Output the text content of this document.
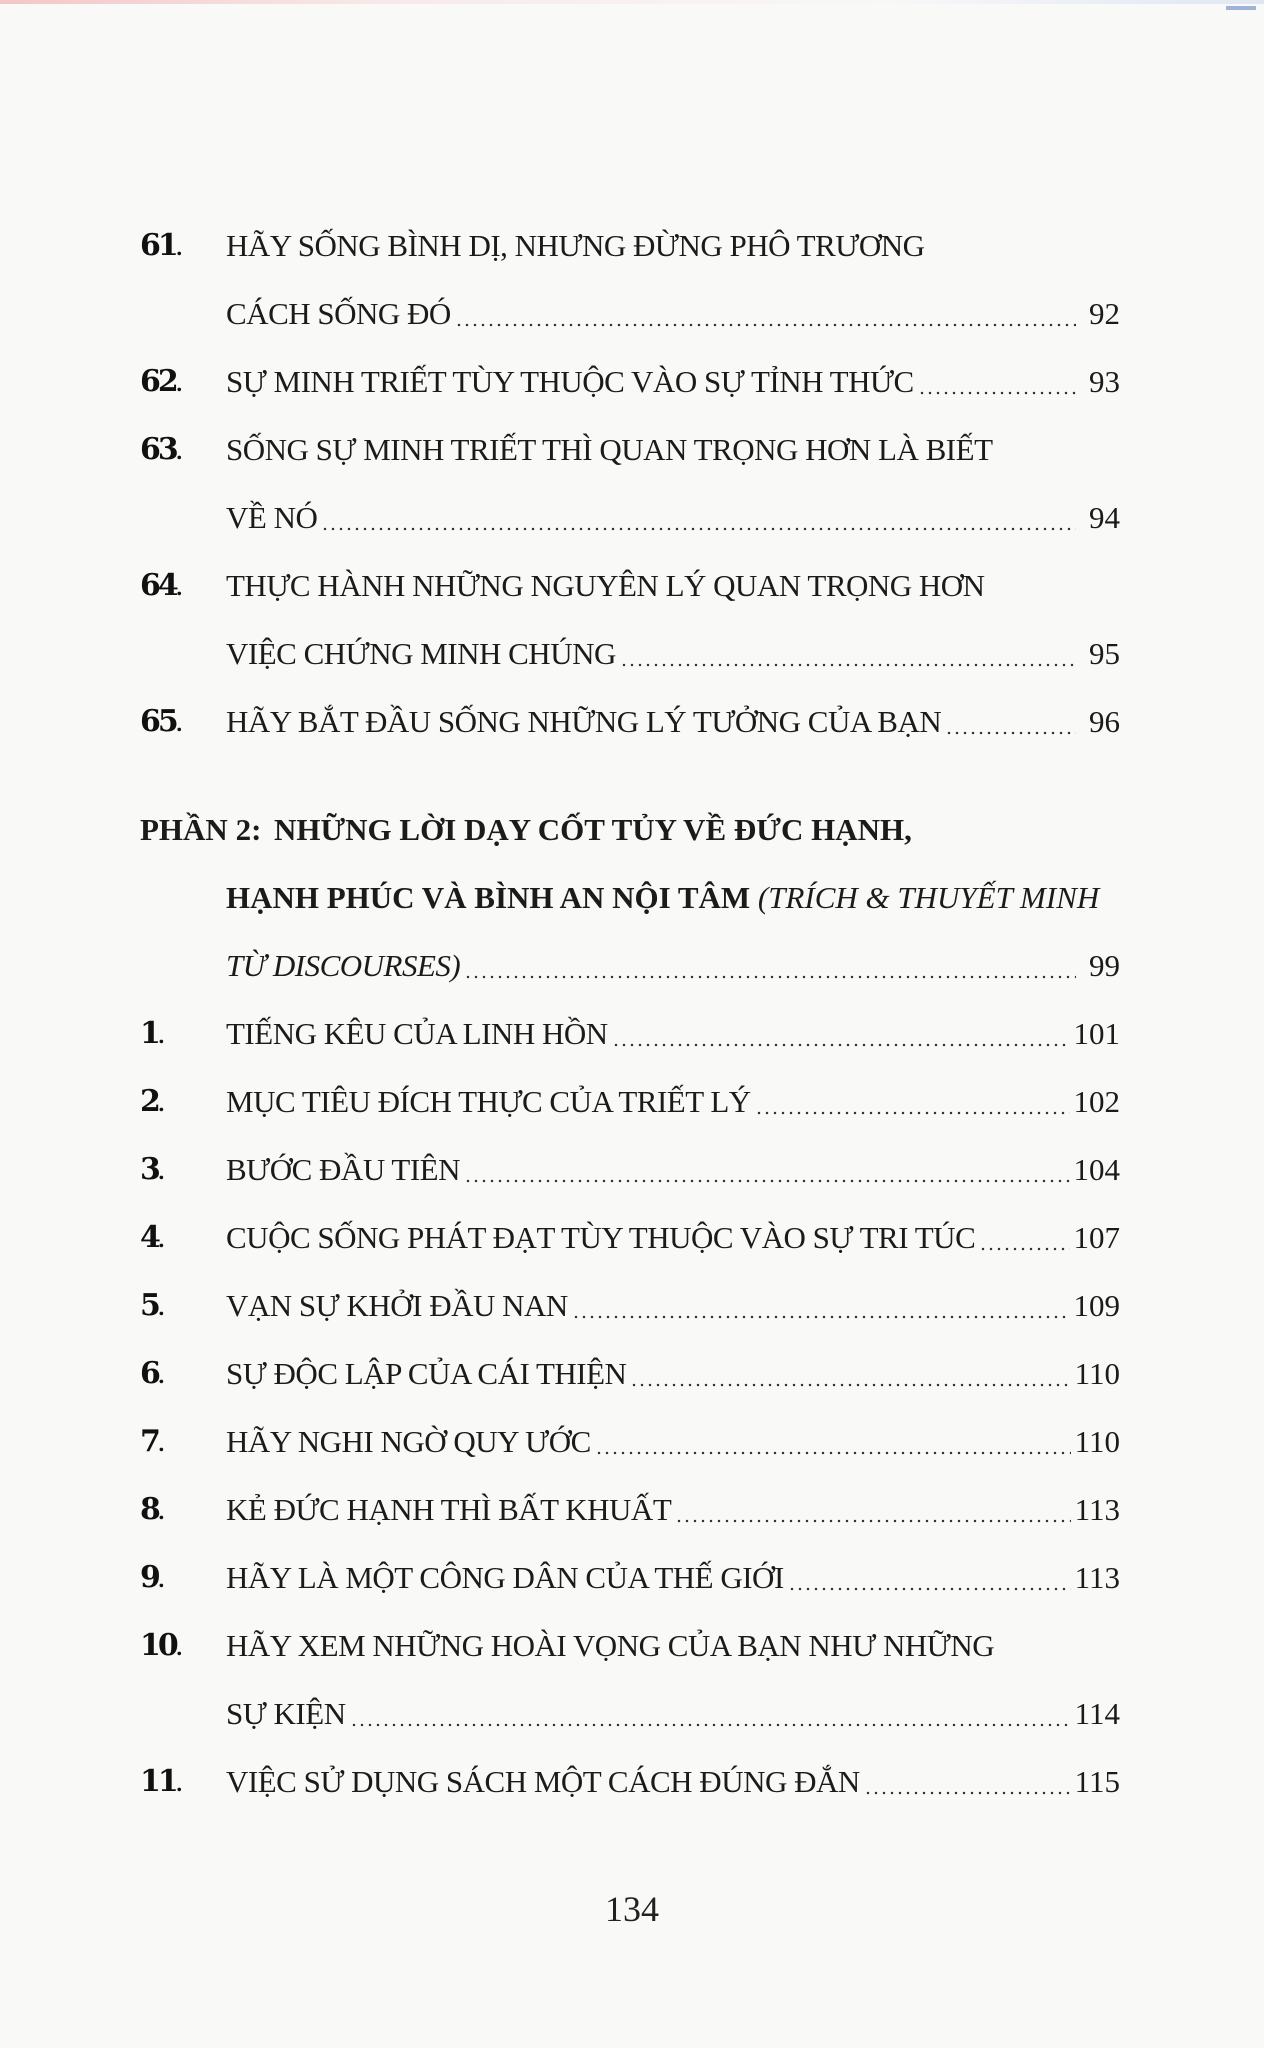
61.	HÃY SỐNG BÌNH DỊ, NHƯNG ĐỪNG PHÔ TRƯƠNG
CÁCH SỐNG ĐÓ	92
62.	SỰ MINH TRIẾT TÙY THUỘC VÀO SỰ TỈNH THỨC	93
63.	SỐNG SỰ MINH TRIẾT THÌ QUAN TRỌNG HƠN LÀ BIẾT
VỀ NÓ	94
64.	THỰC HÀNH NHỮNG NGUYÊN LÝ QUAN TRỌNG HƠN
VIỆC CHỨNG MINH CHÚNG	95
65.	HÃY BẮT ĐẦU SỐNG NHỮNG LÝ TƯỞNG CỦA BẠN	96
PHẦN 2: NHỮNG LỜI DẠY CỐT TỦY VỀ ĐỨC HẠNH,
HẠNH PHÚC VÀ BÌNH AN NỘI TÂM (TRÍCH & THUYẾT MINH
TỪ DISCOURSES)	99
1.	TIẾNG KÊU CỦA LINH HỒN	101
2.	MỤC TIÊU ĐÍCH THỰC CỦA TRIẾT LÝ	102
3.	BƯỚC ĐẦU TIÊN	104
4.	CUỘC SỐNG PHÁT ĐẠT TÙY THUỘC VÀO SỰ TRI TÚC	107
5.	VẠN SỰ KHỞI ĐẦU NAN	109
6.	SỰ ĐỘC LẬP CỦA CÁI THIỆN	110
7.	HÃY NGHI NGỜ QUY ƯỚC	110
8.	KẺ ĐỨC HẠNH THÌ BẤT KHUẤT	113
9.	HÃY LÀ MỘT CÔNG DÂN CỦA THẾ GIỚI	113
10.	HÃY XEM NHỮNG HOÀI VỌNG CỦA BẠN NHƯ NHỮNG
SỰ KIỆN	114
11.	VIỆC SỬ DỤNG SÁCH MỘT CÁCH ĐÚNG ĐẮN	115
134
